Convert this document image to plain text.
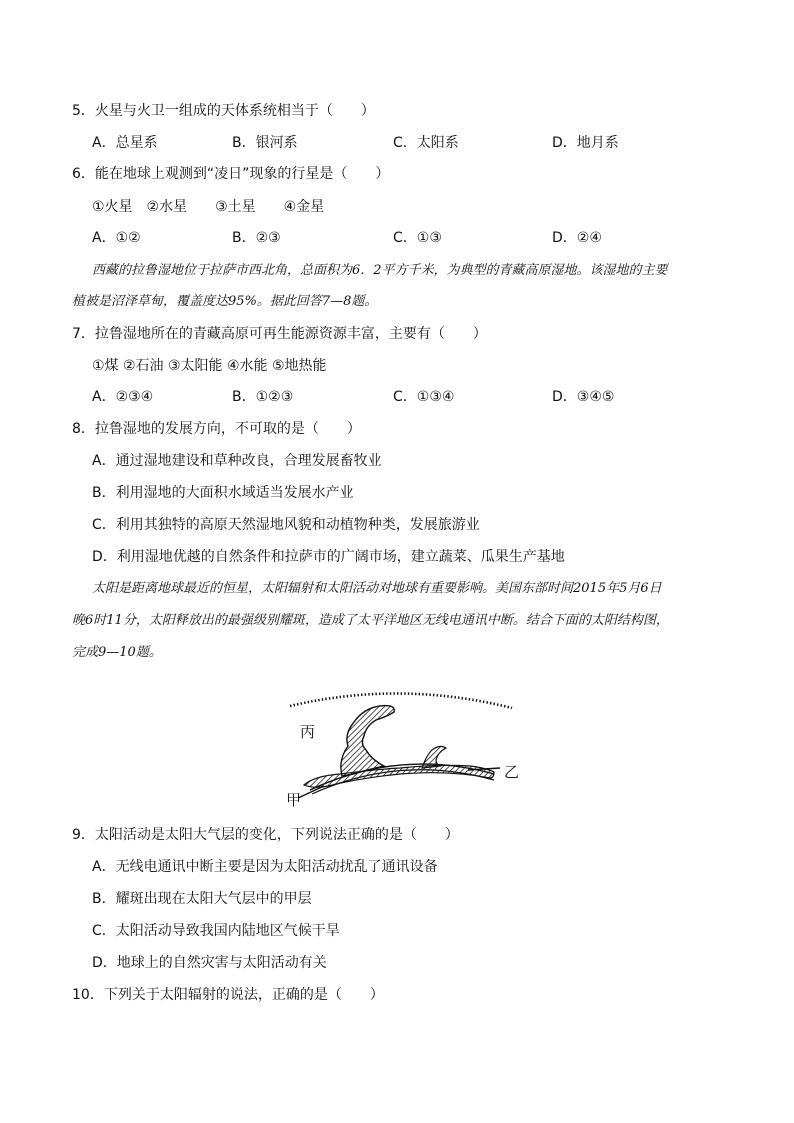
5．火星与火卫一组成的天体系统相当于（　　）
A．总星系	B．银河系	C．太阳系	D．地月系
6．能在地球上观测到“凌日”现象的行星是（　　）
①火星　②水星　　③土星　　④金星
A．①②	B．②③	C．①③	D．②④
西藏的拉鲁湿地位于拉萨市西北角，总面积为6．2平方千米，为典型的青藏高原湿地。该湿地的主要
植被是沼泽草甸，覆盖度达95%。据此回答7—8题。
7．拉鲁湿地所在的青藏高原可再生能源资源丰富，主要有（　　）
①煤 ②石油 ③太阳能 ④水能 ⑤地热能
A．②③④	B．①②③	C．①③④	D．③④⑤
8．拉鲁湿地的发展方向，不可取的是（　　）
A．通过湿地建设和草种改良，合理发展畜牧业
B．利用湿地的大面积水域适当发展水产业
C．利用其独特的高原天然湿地风貌和动植物种类，发展旅游业
D．利用湿地优越的自然条件和拉萨市的广阔市场，建立蔬菜、瓜果生产基地
太阳是距离地球最近的恒星，太阳辐射和太阳活动对地球有重要影响。美国东部时间2015年5月6日
晚6时11分，太阳释放出的最强级别耀斑，造成了太平洋地区无线电通讯中断。结合下面的太阳结构图，
完成9—10题。
丙
乙
甲
9．太阳活动是太阳大气层的变化，下列说法正确的是（　　）
A．无线电通讯中断主要是因为太阳活动扰乱了通讯设备
B．耀斑出现在太阳大气层中的甲层
C．太阳活动导致我国内陆地区气候干旱
D．地球上的自然灾害与太阳活动有关
10．下列关于太阳辐射的说法，正确的是（　　）
